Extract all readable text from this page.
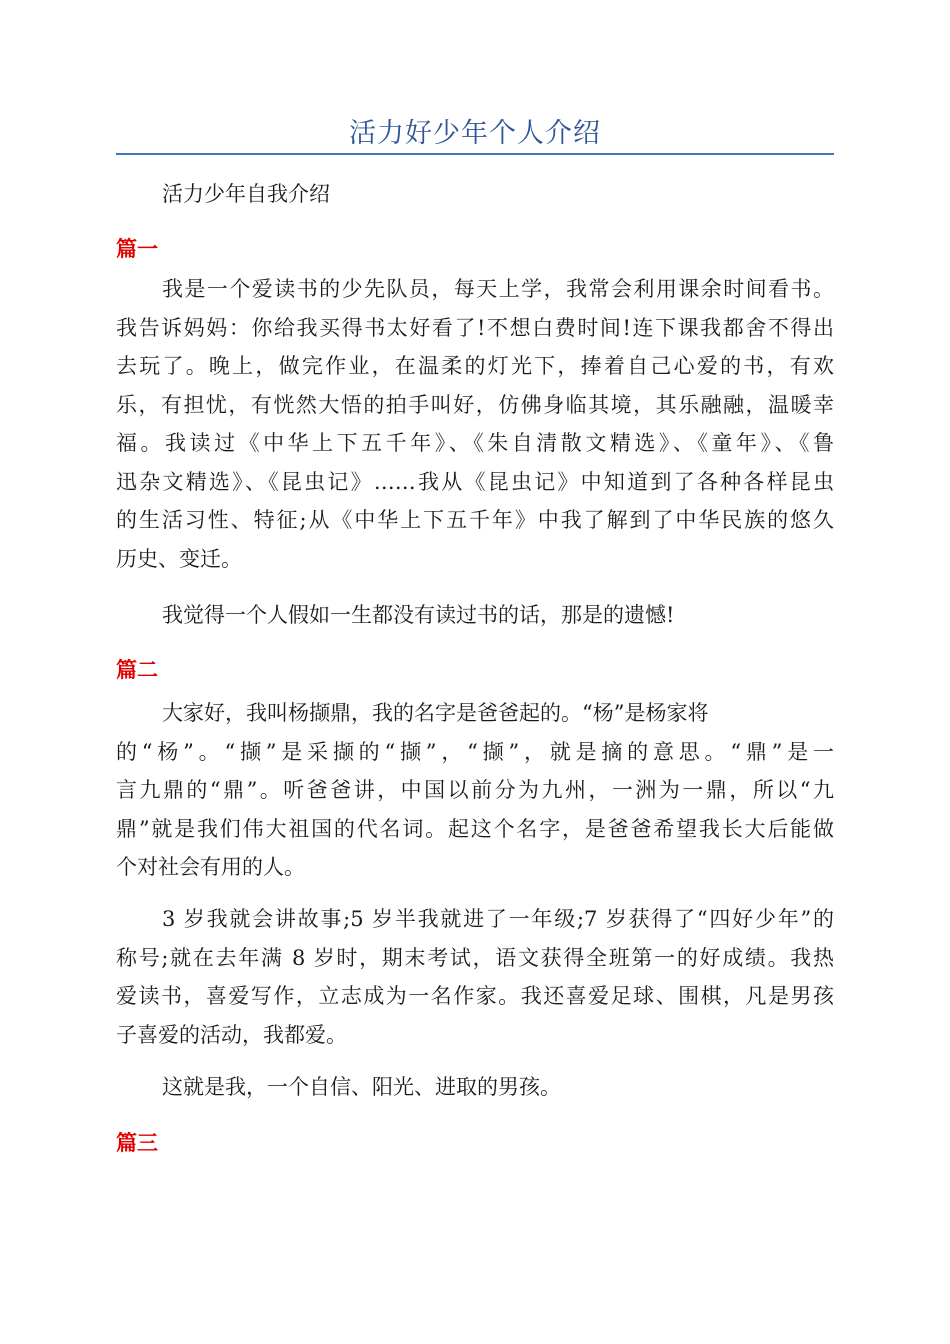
活力好少年个人介绍
活力少年自我介绍
篇一
我是一个爱读书的少先队员，每天上学，我常会利用课余时间看书。
我告诉妈妈：你给我买得书太好看了!不想白费时间!连下课我都舍不得出
去玩了。晚上，做完作业，在温柔的灯光下，捧着自己心爱的书，有欢
乐，有担忧，有恍然大悟的拍手叫好，仿佛身临其境，其乐融融，温暖幸
福。我读过《中华上下五千年》、《朱自清散文精选》、《童年》、《鲁
迅杂文精选》、《昆虫记》……我从《昆虫记》中知道到了各种各样昆虫
的生活习性、特征;从《中华上下五千年》中我了解到了中华民族的悠久
历史、变迁。
我觉得一个人假如一生都没有读过书的话，那是的遗憾!
篇二
大家好，我叫杨撷鼎，我的名字是爸爸起的。“杨”是杨家将
的“杨”。“撷”是采撷的“撷”，“撷”，就是摘的意思。“鼎”是一
言九鼎的“鼎”。听爸爸讲，中国以前分为九州，一洲为一鼎，所以“九
鼎”就是我们伟大祖国的代名词。起这个名字，是爸爸希望我长大后能做
个对社会有用的人。
3 岁我就会讲故事;5 岁半我就进了一年级;7 岁获得了“四好少年”的
称号;就在去年满 8 岁时，期末考试，语文获得全班第一的好成绩。我热
爱读书，喜爱写作，立志成为一名作家。我还喜爱足球、围棋，凡是男孩
子喜爱的活动，我都爱。
这就是我，一个自信、阳光、进取的男孩。
篇三
